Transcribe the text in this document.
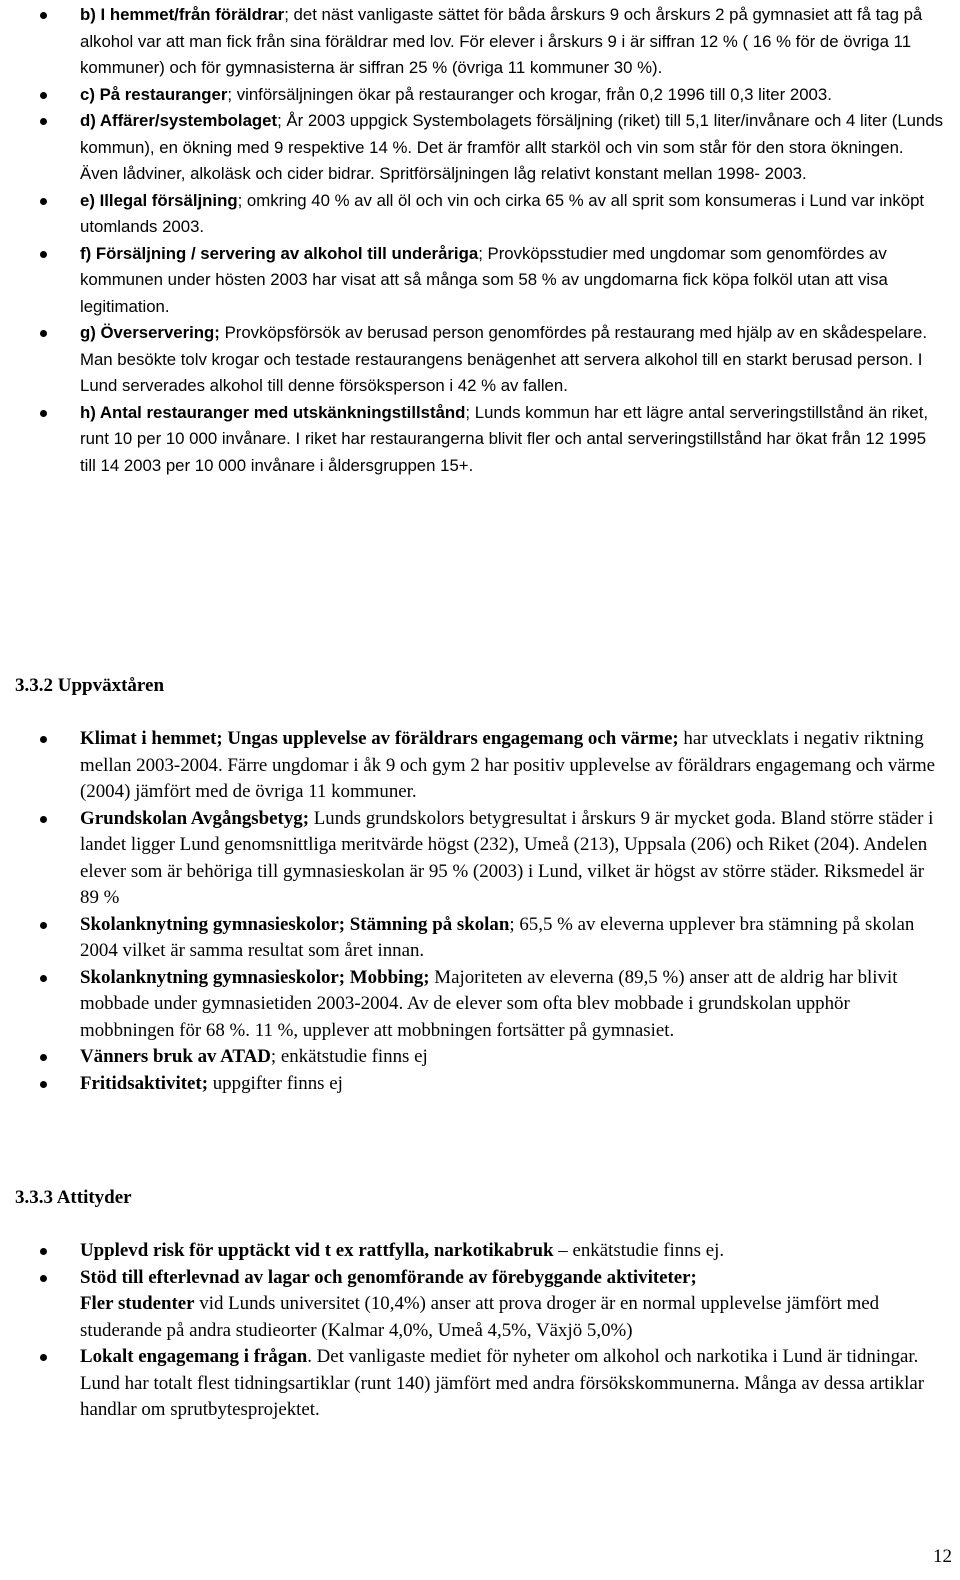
b) I hemmet/från föräldrar; det näst vanligaste sättet för båda årskurs 9 och årskurs 2 på gymnasiet att få tag på alkohol var att man fick från sina föräldrar med lov. För elever i årskurs 9 i är siffran 12 % ( 16 % för de övriga 11 kommuner) och för gymnasisterna är siffran 25 % (övriga 11 kommuner 30 %).
c) På restauranger; vinförsäljningen ökar på restauranger och krogar, från 0,2 1996 till 0,3 liter 2003.
d) Affärer/systembolaget; År 2003 uppgick Systembolagets försäljning (riket) till 5,1 liter/invånare och 4 liter (Lunds kommun), en ökning med 9 respektive 14 %. Det är framför allt starköl och vin som står för den stora ökningen. Även lådviner, alkoläsk och cider bidrar. Spritförsäljningen låg relativt konstant mellan 1998- 2003.
e) Illegal försäljning; omkring 40 % av all öl och vin och cirka 65 % av all sprit som konsumeras i Lund var inköpt utomlands 2003.
f) Försäljning / servering av alkohol till underåriga; Provköpsstudier med ungdomar som genomfördes av kommunen under hösten 2003 har visat att så många som 58 % av ungdomarna fick köpa folköl utan att visa legitimation.
g) Överservering; Provköpsförsök av berusad person genomfördes på restaurang med hjälp av en skådespelare. Man besökte tolv krogar och testade restaurangens benägenhet att servera alkohol till en starkt berusad person. I Lund serverades alkohol till denne försöksperson i 42 % av fallen.
h) Antal restauranger med utskänkningstillstånd; Lunds kommun har ett lägre antal serveringstillstånd än riket, runt 10 per 10 000 invånare. I riket har restaurangerna blivit fler och antal serveringstillstånd har ökat från 12 1995 till 14 2003 per 10 000 invånare i åldersgruppen 15+.
3.3.2 Uppväxtåren
Klimat i hemmet; Ungas upplevelse av föräldrars engagemang och värme; har utvecklats i negativ riktning mellan 2003-2004. Färre ungdomar i åk 9 och gym 2 har positiv upplevelse av föräldrars engagemang och värme (2004) jämfört med de övriga 11 kommuner.
Grundskolan Avgångsbetyg; Lunds grundskolors betygresultat i årskurs 9 är mycket goda. Bland större städer i landet ligger Lund genomsnittliga meritvärde högst (232), Umeå (213), Uppsala (206) och Riket (204). Andelen elever som är behöriga till gymnasieskolan är 95 % (2003) i Lund, vilket är högst av större städer. Riksmedel är 89 %
Skolanknytning gymnasieskolor; Stämning på skolan; 65,5 % av eleverna upplever bra stämning på skolan 2004 vilket är samma resultat som året innan.
Skolanknytning gymnasieskolor; Mobbing; Majoriteten av eleverna (89,5 %) anser att de aldrig har blivit mobbade under gymnasietiden 2003-2004. Av de elever som ofta blev mobbade i grundskolan upphör mobbningen för 68 %. 11 %, upplever att mobbningen fortsätter på gymnasiet.
Vänners bruk av ATAD; enkätstudie finns ej
Fritidsaktivitet; uppgifter finns ej
3.3.3 Attityder
Upplevd risk för upptäckt vid t ex rattfylla, narkotikabruk – enkätstudie finns ej.
Stöd till efterlevnad av lagar och genomförande av förebyggande aktiviteter;
Fler studenter vid Lunds universitet (10,4%) anser att prova droger är en normal upplevelse jämfört med studerande på andra studieorter (Kalmar 4,0%, Umeå 4,5%, Växjö 5,0%)
Lokalt engagemang i frågan. Det vanligaste mediet för nyheter om alkohol och narkotika i Lund är tidningar. Lund har totalt flest tidningsartiklar (runt 140) jämfört med andra försökskommunerna. Många av dessa artiklar handlar om sprutbytesprojektet.
12
